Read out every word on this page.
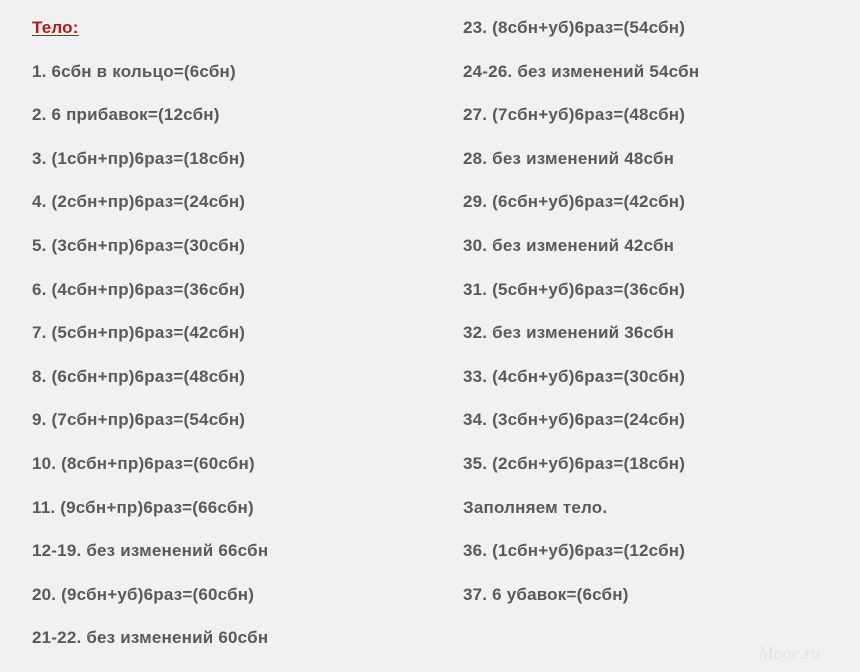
Тело:
1. 6сбн в кольцо=(6сбн)
2. 6 прибавок=(12сбн)
3. (1сбн+пр)6раз=(18сбн)
4. (2сбн+пр)6раз=(24сбн)
5. (3сбн+пр)6раз=(30сбн)
6. (4сбн+пр)6раз=(36сбн)
7. (5сбн+пр)6раз=(42сбн)
8. (6сбн+пр)6раз=(48сбн)
9. (7сбн+пр)6раз=(54сбн)
10. (8сбн+пр)6раз=(60сбн)
11. (9сбн+пр)6раз=(66сбн)
12-19. без изменений 66сбн
20. (9сбн+уб)6раз=(60сбн)
21-22. без изменений 60сбн
23. (8сбн+уб)6раз=(54сбн)
24-26. без изменений 54сбн
27. (7сбн+уб)6раз=(48сбн)
28. без изменений 48сбн
29. (6сбн+уб)6раз=(42сбн)
30. без изменений 42сбн
31. (5сбн+уб)6раз=(36сбн)
32. без изменений 36сбн
33. (4сбн+уб)6раз=(30сбн)
34. (3сбн+уб)6раз=(24сбн)
35. (2сбн+уб)6раз=(18сбн)
Заполняем тело.
36. (1сбн+уб)6раз=(12сбн)
37. 6 убавок=(6сбн)
Mooe.ru
